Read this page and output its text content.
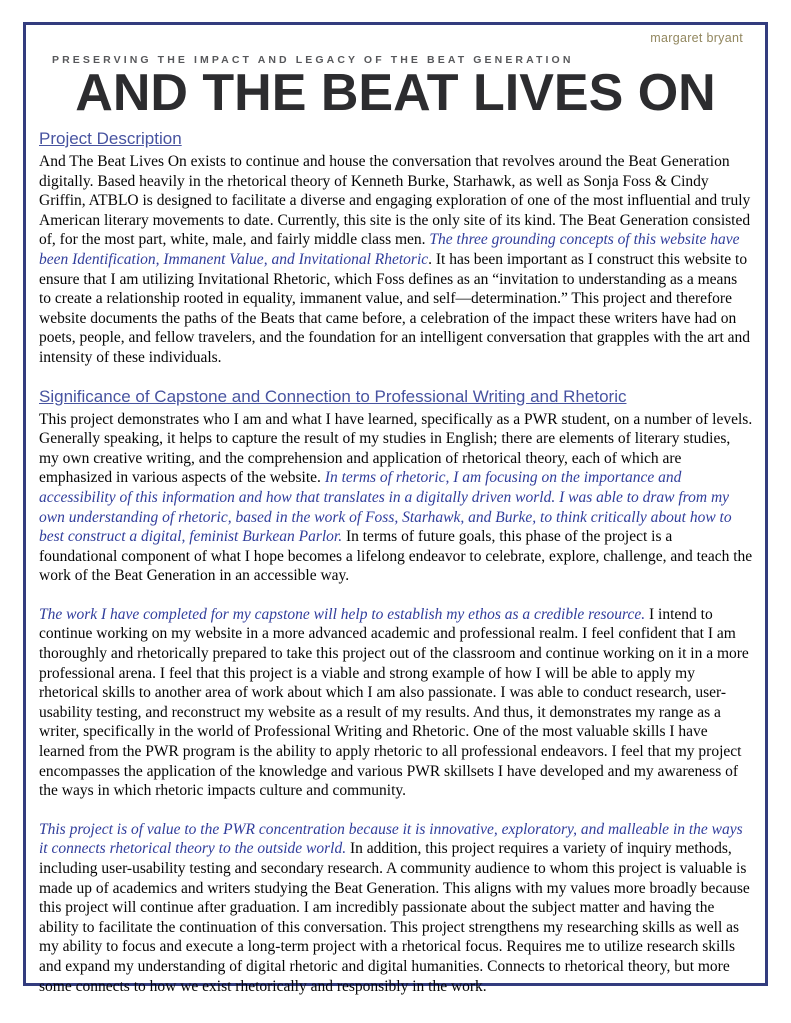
margaret bryant
PRESERVING THE IMPACT AND LEGACY OF THE BEAT GENERATION
AND THE BEAT LIVES ON
Project Description

And The Beat Lives On exists to continue and house the conversation that revolves around the Beat Generation digitally. Based heavily in the rhetorical theory of Kenneth Burke, Starhawk, as well as Sonja Foss & Cindy Griffin, ATBLO is designed to facilitate a diverse and engaging exploration of one of the most influential and truly American literary movements to date. Currently, this site is the only site of its kind. The Beat Generation consisted of, for the most part, white, male, and fairly middle class men. The three grounding concepts of this website have been Identification, Immanent Value, and Invitational Rhetoric. It has been important as I construct this website to ensure that I am utilizing Invitational Rhetoric, which Foss defines as an “invitation to understanding as a means to create a relationship rooted in equality, immanent value, and self—determination.” This project and therefore website documents the paths of the Beats that came before, a celebration of the impact these writers have had on poets, people, and fellow travelers, and the foundation for an intelligent conversation that grapples with the art and intensity of these individuals.

Significance of Capstone and Connection to Professional Writing and Rhetoric

This project demonstrates who I am and what I have learned, specifically as a PWR student, on a number of levels. Generally speaking, it helps to capture the result of my studies in English; there are elements of literary studies, my own creative writing, and the comprehension and application of rhetorical theory, each of which are emphasized in various aspects of the website. In terms of rhetoric, I am focusing on the importance and accessibility of this information and how that translates in a digitally driven world. I was able to draw from my own understanding of rhetoric, based in the work of Foss, Starhawk, and Burke, to think critically about how to best construct a digital, feminist Burkean Parlor. In terms of future goals, this phase of the project is a foundational component of what I hope becomes a lifelong endeavor to celebrate, explore, challenge, and teach the work of the Beat Generation in an accessible way.

The work I have completed for my capstone will help to establish my ethos as a credible resource. I intend to continue working on my website in a more advanced academic and professional realm. I feel confident that I am thoroughly and rhetorically prepared to take this project out of the classroom and continue working on it in a more professional arena. I feel that this project is a viable and strong example of how I will be able to apply my rhetorical skills to another area of work about which I am also passionate. I was able to conduct research, user-usability testing, and reconstruct my website as a result of my results. And thus, it demonstrates my range as a writer, specifically in the world of Professional Writing and Rhetoric. One of the most valuable skills I have learned from the PWR program is the ability to apply rhetoric to all professional endeavors. I feel that my project encompasses the application of the knowledge and various PWR skillsets I have developed and my awareness of the ways in which rhetoric impacts culture and community.

This project is of value to the PWR concentration because it is innovative, exploratory, and malleable in the ways it connects rhetorical theory to the outside world. In addition, this project requires a variety of inquiry methods, including user-usability testing and secondary research. A community audience to whom this project is valuable is made up of academics and writers studying the Beat Generation. This aligns with my values more broadly because this project will continue after graduation. I am incredibly passionate about the subject matter and having the ability to facilitate the continuation of this conversation. This project strengthens my researching skills as well as my ability to focus and execute a long-term project with a rhetorical focus. Requires me to utilize research skills and expand my understanding of digital rhetoric and digital humanities. Connects to rhetorical theory, but more some connects to how we exist rhetorically and responsibly in the work.
